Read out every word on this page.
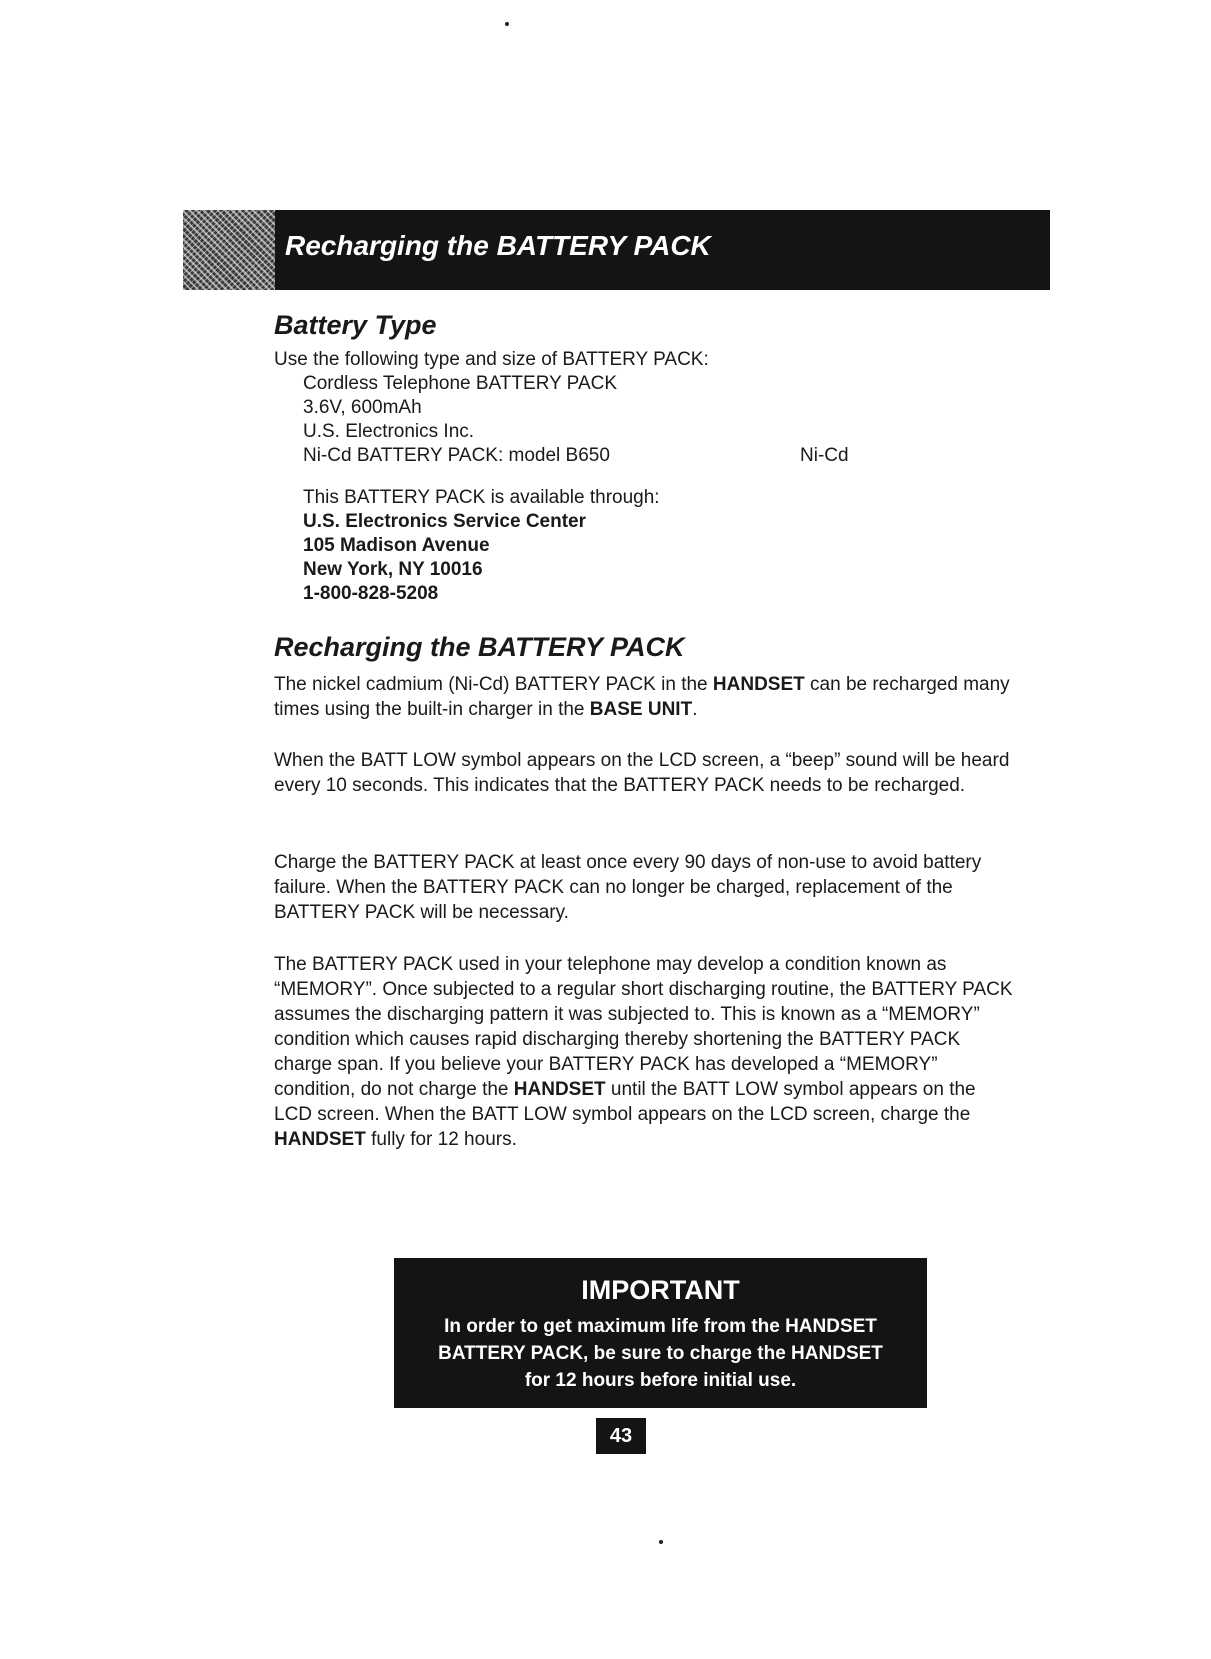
Recharging the BATTERY PACK
Battery Type
Use the following type and size of BATTERY PACK:
Cordless Telephone BATTERY PACK
3.6V, 600mAh
U.S. Electronics Inc.
Ni-Cd BATTERY PACK: model B650	Ni-Cd
This BATTERY PACK is available through:
U.S. Electronics Service Center
105 Madison Avenue
New York, NY 10016
1-800-828-5208
Recharging the BATTERY PACK
The nickel cadmium (Ni-Cd) BATTERY PACK in the HANDSET can be recharged many times using the built-in charger in the BASE UNIT.
When the BATT LOW symbol appears on the LCD screen, a “beep” sound will be heard every 10 seconds. This indicates that the BATTERY PACK needs to be recharged.
Charge the BATTERY PACK at least once every 90 days of non-use to avoid battery failure. When the BATTERY PACK can no longer be charged, replacement of the BATTERY PACK will be necessary.
The BATTERY PACK used in your telephone may develop a condition known as “MEMORY”. Once subjected to a regular short discharging routine, the BATTERY PACK assumes the discharging pattern it was subjected to. This is known as a “MEMORY” condition which causes rapid discharging thereby shortening the BATTERY PACK charge span. If you believe your BATTERY PACK has developed a “MEMORY” condition, do not charge the HANDSET until the BATT LOW symbol appears on the LCD screen. When the BATT LOW symbol appears on the LCD screen, charge the HANDSET fully for 12 hours.
IMPORTANT
In order to get maximum life from the HANDSET
BATTERY PACK, be sure to charge the HANDSET
for 12 hours before initial use.
43
